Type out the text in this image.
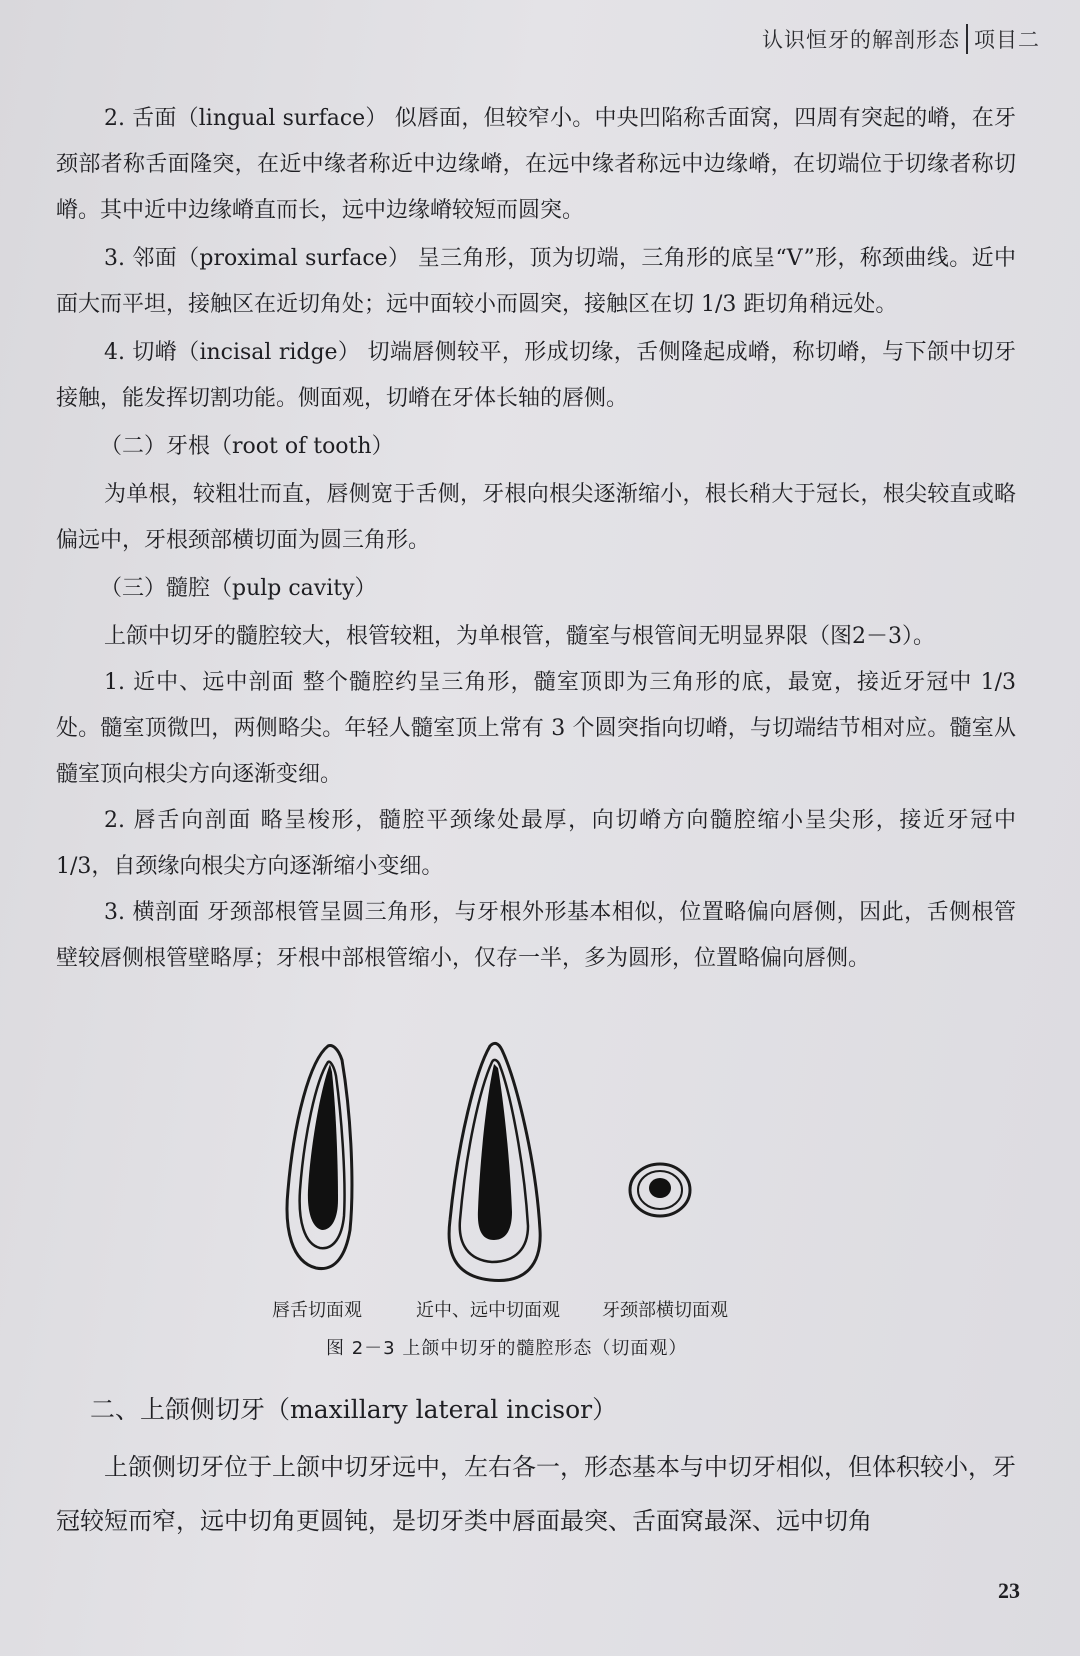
认识恒牙的解剖形态 项目二

2. 舌面（lingual surface） 似唇面，但较窄小。中央凹陷称舌面窝，四周有突起的嵴，在牙颈部者称舌面隆突，在近中缘者称近中边缘嵴，在远中缘者称远中边缘嵴，在切端位于切缘者称切嵴。其中近中边缘嵴直而长，远中边缘嵴较短而圆突。

3. 邻面（proximal surface） 呈三角形，顶为切端，三角形的底呈“V”形，称颈曲线。近中面大而平坦，接触区在近切角处；远中面较小而圆突，接触区在切 1/3 距切角稍远处。

4. 切嵴（incisal ridge） 切端唇侧较平，形成切缘，舌侧隆起成嵴，称切嵴，与下颌中切牙接触，能发挥切割功能。侧面观，切嵴在牙体长轴的唇侧。

（二）牙根（root of tooth）

为单根，较粗壮而直，唇侧宽于舌侧，牙根向根尖逐渐缩小，根长稍大于冠长，根尖较直或略偏远中，牙根颈部横切面为圆三角形。

（三）髓腔（pulp cavity）

上颌中切牙的髓腔较大，根管较粗，为单根管，髓室与根管间无明显界限（图2－3）。

1. 近中、远中剖面 整个髓腔约呈三角形，髓室顶即为三角形的底，最宽，接近牙冠中 1/3 处。髓室顶微凹，两侧略尖。年轻人髓室顶上常有 3 个圆突指向切嵴，与切端结节相对应。髓室从髓室顶向根尖方向逐渐变细。

2. 唇舌向剖面 略呈梭形，髓腔平颈缘处最厚，向切嵴方向髓腔缩小呈尖形，接近牙冠中 1/3，自颈缘向根尖方向逐渐缩小变细。

3. 横剖面 牙颈部根管呈圆三角形，与牙根外形基本相似，位置略偏向唇侧，因此，舌侧根管壁较唇侧根管壁略厚；牙根中部根管缩小，仅存一半，多为圆形，位置略偏向唇侧。

唇舌切面观	近中、远中切面观 牙颈部横切面观
图 2－3 上颌中切牙的髓腔形态（切面观）
二、上颌侧切牙（maxillary lateral incisor）

上颌侧切牙位于上颌中切牙远中，左右各一，形态基本与中切牙相似，但体积较小，牙冠较短而窄，远中切角更圆钝，是切牙类中唇面最突、舌面窝最深、远中切角

23
